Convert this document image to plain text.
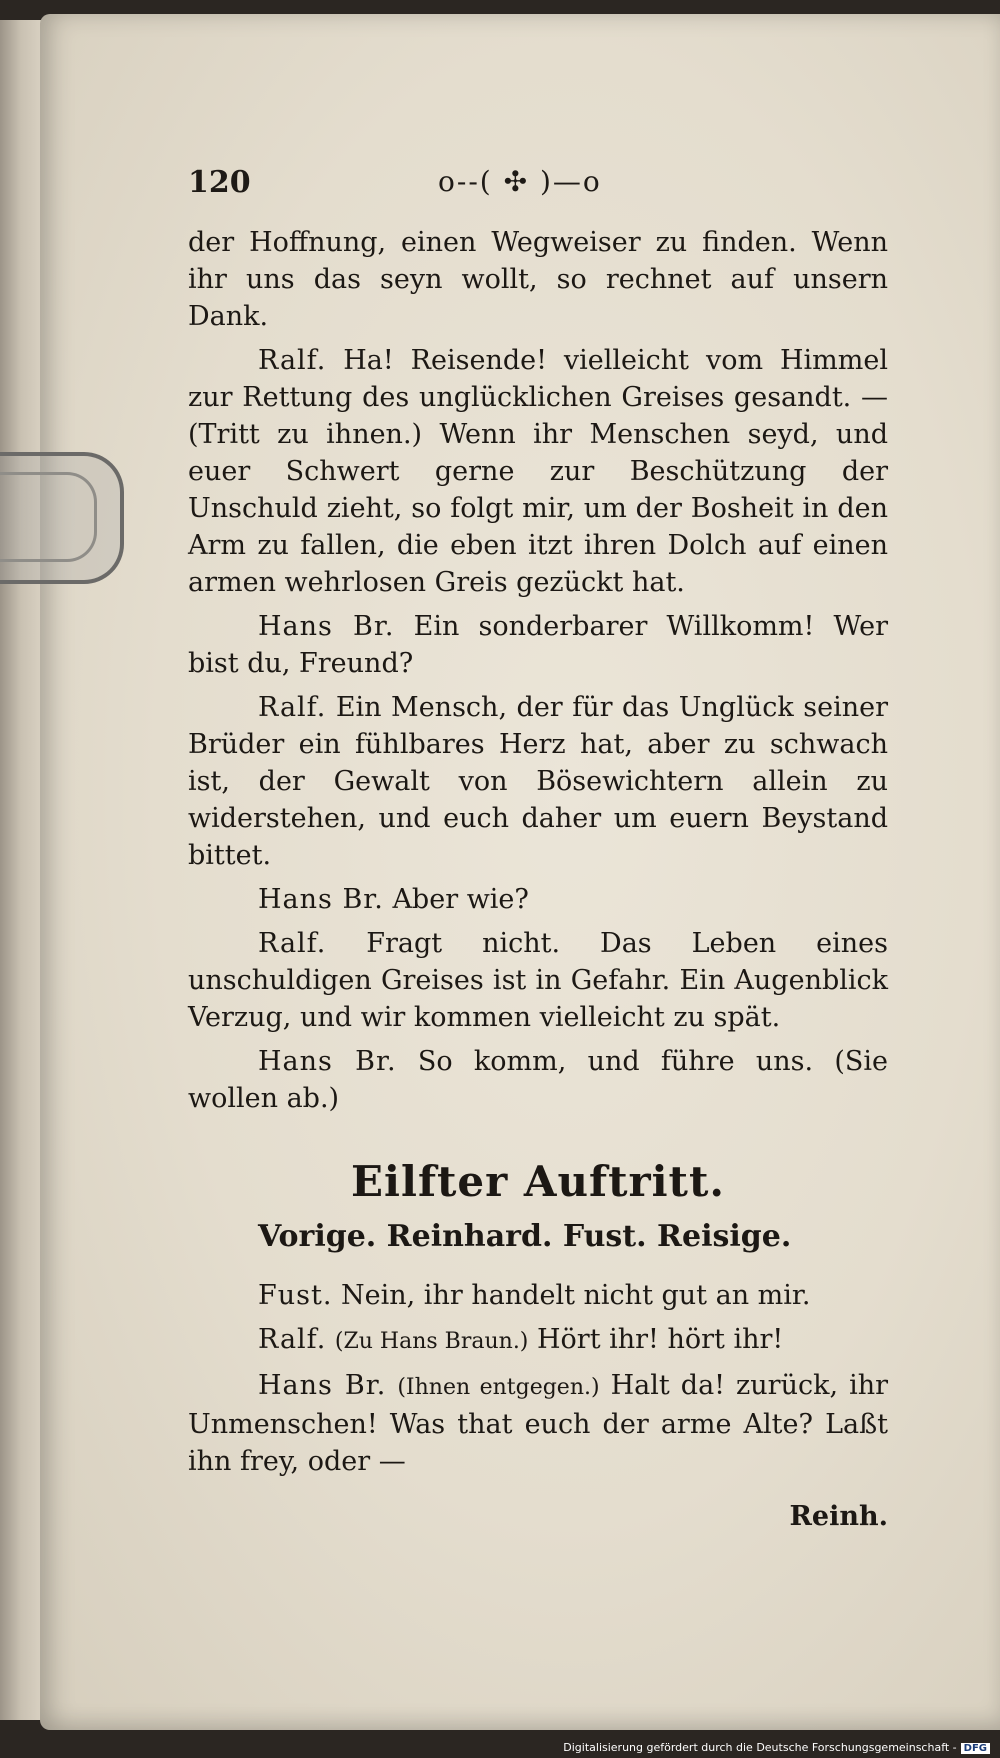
120	o--( ✣ )—o

der Hoffnung, einen Wegweiser zu finden. Wenn ihr uns das seyn wollt, so rechnet auf unsern Dank.

Ralf. Ha! Reisende! vielleicht vom Himmel zur Rettung des unglücklichen Greises gesandt. — (Tritt zu ihnen.) Wenn ihr Menschen seyd, und euer Schwert gerne zur Beschützung der Unschuld zieht, so folgt mir, um der Bosheit in den Arm zu fallen, die eben itzt ihren Dolch auf einen armen wehrlosen Greis gezückt hat.

Hans Br. Ein sonderbarer Willkomm! Wer bist du, Freund?

Ralf. Ein Mensch, der für das Unglück seiner Brüder ein fühlbares Herz hat, aber zu schwach ist, der Gewalt von Bösewichtern allein zu widerstehen, und euch daher um euern Beystand bittet.

Hans Br. Aber wie?

Ralf. Fragt nicht. Das Leben eines unschuldigen Greises ist in Gefahr. Ein Augenblick Verzug, und wir kommen vielleicht zu spät.

Hans Br. So komm, und führe uns. (Sie wollen ab.)

Eilfter Auftritt.
Vorige. Reinhard. Fust. Reisige.

Fust. Nein, ihr handelt nicht gut an mir.

Ralf. (Zu Hans Braun.) Hört ihr! hört ihr!

Hans Br. (Ihnen entgegen.) Halt da! zurück, ihr Unmenschen! Was that euch der arme Alte? Laßt ihn frey, oder —

Reinh.
Digitalisierung gefördert durch die Deutsche Forschungsgemeinschaft - DFG
